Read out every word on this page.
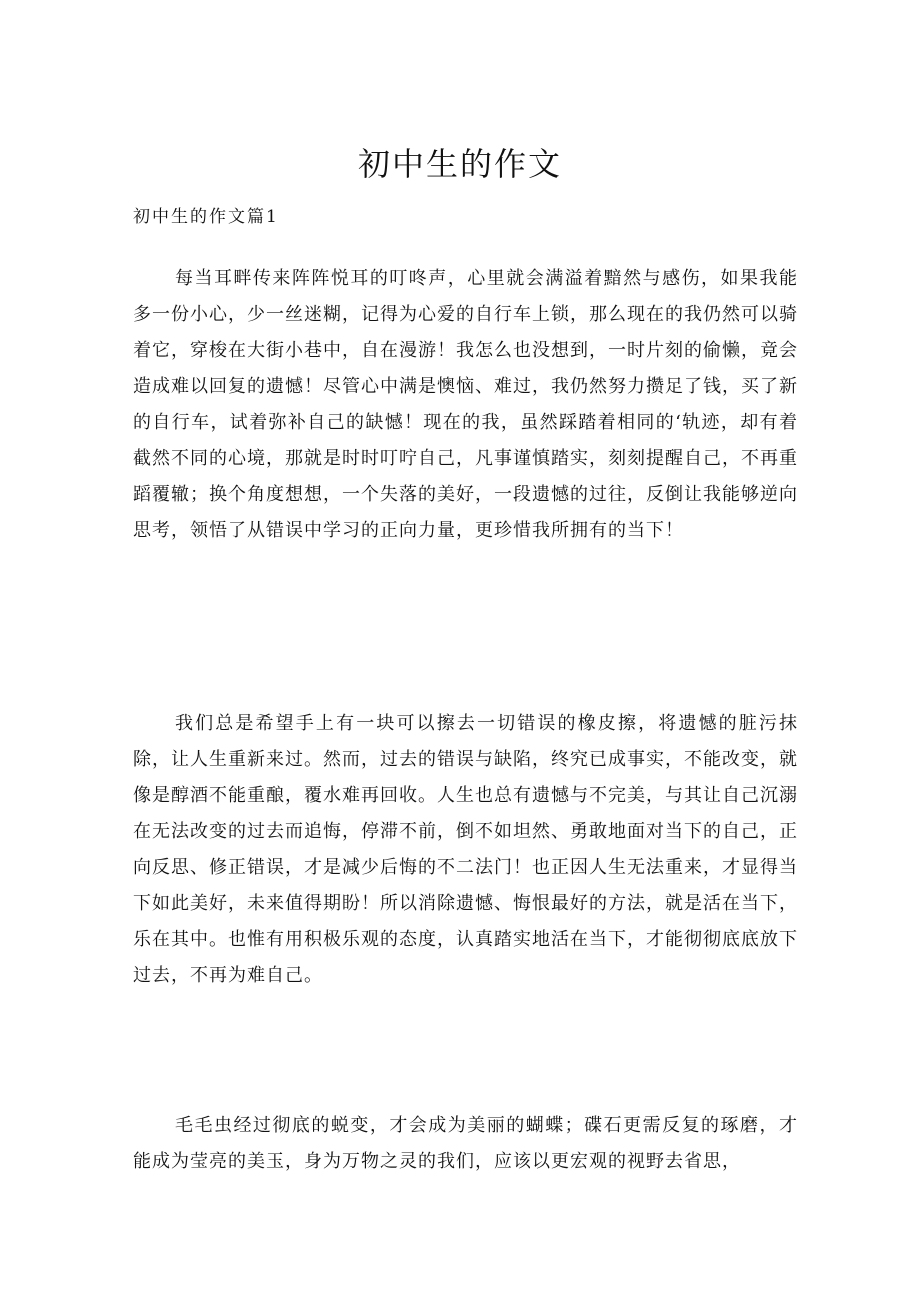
初中生的作文
初中生的作文篇1

每当耳畔传来阵阵悦耳的叮咚声，心里就会满溢着黯然与感伤，如果我能多一份小心，少一丝迷糊，记得为心爱的自行车上锁，那么现在的我仍然可以骑着它，穿梭在大街小巷中，自在漫游！我怎么也没想到，一时片刻的偷懒，竟会造成难以回复的遗憾！尽管心中满是懊恼、难过，我仍然努力攒足了钱，买了新的自行车，试着弥补自己的缺憾！现在的我，虽然踩踏着相同的‘轨迹，却有着截然不同的心境，那就是时时叮咛自己，凡事谨慎踏实，刻刻提醒自己，不再重蹈覆辙；换个角度想想，一个失落的美好，一段遗憾的过往，反倒让我能够逆向思考，领悟了从错误中学习的正向力量，更珍惜我所拥有的当下！

我们总是希望手上有一块可以擦去一切错误的橡皮擦，将遗憾的脏污抹除，让人生重新来过。然而，过去的错误与缺陷，终究已成事实，不能改变，就像是醇酒不能重酿，覆水难再回收。人生也总有遗憾与不完美，与其让自己沉溺在无法改变的过去而追悔，停滞不前，倒不如坦然、勇敢地面对当下的自己，正向反思、修正错误，才是减少后悔的不二法门！也正因人生无法重来，才显得当下如此美好，未来值得期盼！所以消除遗憾、悔恨最好的方法，就是活在当下，乐在其中。也惟有用积极乐观的态度，认真踏实地活在当下，才能彻彻底底放下过去，不再为难自己。

毛毛虫经过彻底的蜕变，才会成为美丽的蝴蝶；碟石更需反复的琢磨，才能成为莹亮的美玉，身为万物之灵的我们，应该以更宏观的视野去省思，
